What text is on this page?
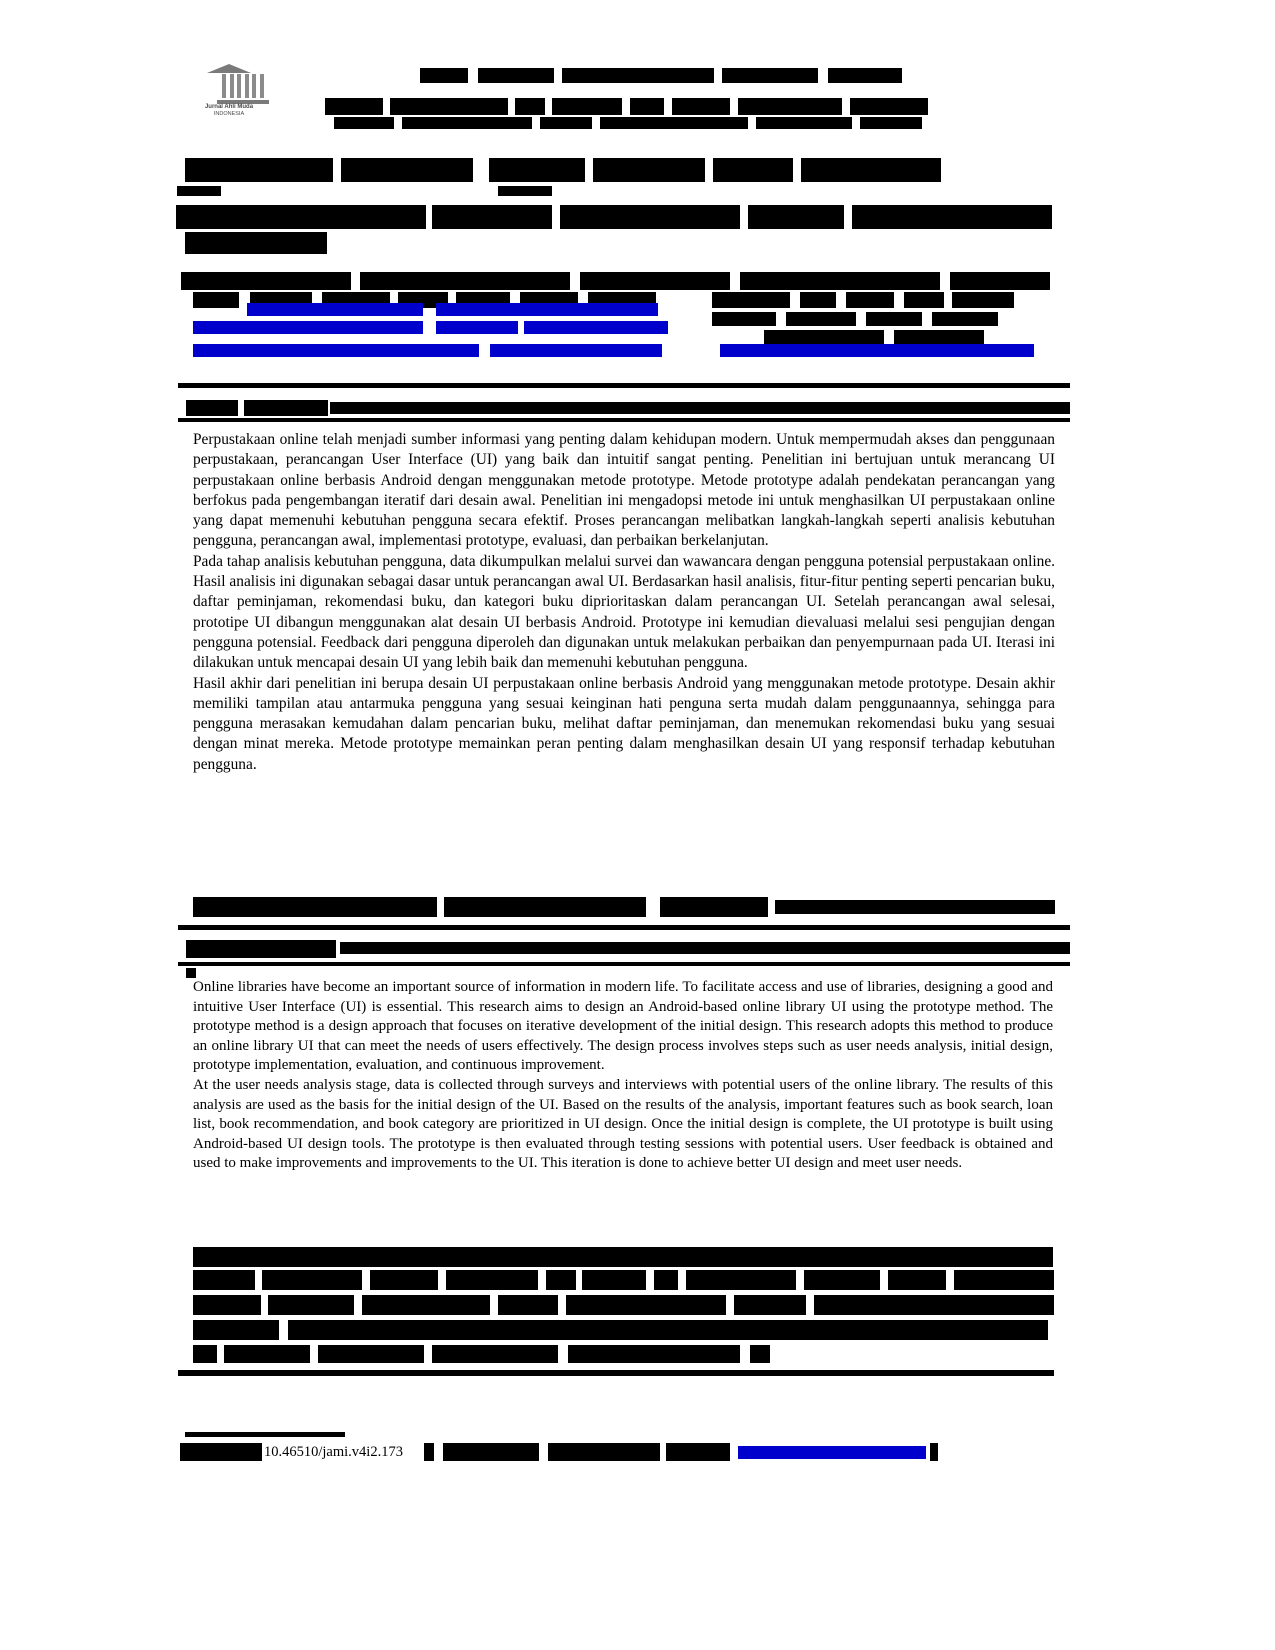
Jurnal Ahli Muda
INDONESIA

Perpustakaan online telah menjadi sumber informasi yang penting dalam kehidupan modern. Untuk mempermudah akses dan penggunaan perpustakaan, perancangan User Interface (UI) yang baik dan intuitif sangat penting. Penelitian ini bertujuan untuk merancang UI perpustakaan online berbasis Android dengan menggunakan metode prototype. Metode prototype adalah pendekatan perancangan yang berfokus pada pengembangan iteratif dari desain awal. Penelitian ini mengadopsi metode ini untuk menghasilkan UI perpustakaan online yang dapat memenuhi kebutuhan pengguna secara efektif. Proses perancangan melibatkan langkah-langkah seperti analisis kebutuhan pengguna, perancangan awal, implementasi prototype, evaluasi, dan perbaikan berkelanjutan.

Pada tahap analisis kebutuhan pengguna, data dikumpulkan melalui survei dan wawancara dengan pengguna potensial perpustakaan online. Hasil analisis ini digunakan sebagai dasar untuk perancangan awal UI. Berdasarkan hasil analisis, fitur-fitur penting seperti pencarian buku, daftar peminjaman, rekomendasi buku, dan kategori buku diprioritaskan dalam perancangan UI. Setelah perancangan awal selesai, prototipe UI dibangun menggunakan alat desain UI berbasis Android. Prototype ini kemudian dievaluasi melalui sesi pengujian dengan pengguna potensial. Feedback dari pengguna diperoleh dan digunakan untuk melakukan perbaikan dan penyempurnaan pada UI. Iterasi ini dilakukan untuk mencapai desain UI yang lebih baik dan memenuhi kebutuhan pengguna.

Hasil akhir dari penelitian ini berupa desain UI perpustakaan online berbasis Android yang menggunakan metode prototype. Desain akhir memiliki tampilan atau antarmuka pengguna yang sesuai keinginan hati penguna serta mudah dalam penggunaannya, sehingga para pengguna merasakan kemudahan dalam pencarian buku, melihat daftar peminjaman, dan menemukan rekomendasi buku yang sesuai dengan minat mereka. Metode prototype memainkan peran penting dalam menghasilkan desain UI yang responsif terhadap kebutuhan pengguna.

Online libraries have become an important source of information in modern life. To facilitate access and use of libraries, designing a good and intuitive User Interface (UI) is essential. This research aims to design an Android-based online library UI using the prototype method. The prototype method is a design approach that focuses on iterative development of the initial design. This research adopts this method to produce an online library UI that can meet the needs of users effectively. The design process involves steps such as user needs analysis, initial design, prototype implementation, evaluation, and continuous improvement.

At the user needs analysis stage, data is collected through surveys and interviews with potential users of the online library. The results of this analysis are used as the basis for the initial design of the UI. Based on the results of the analysis, important features such as book search, loan list, book recommendation, and book category are prioritized in UI design. Once the initial design is complete, the UI prototype is built using Android-based UI design tools. The prototype is then evaluated through testing sessions with potential users. User feedback is obtained and used to make improvements and improvements to the UI. This iteration is done to achieve better UI design and meet user needs.

10.46510/jami.v4i2.173
